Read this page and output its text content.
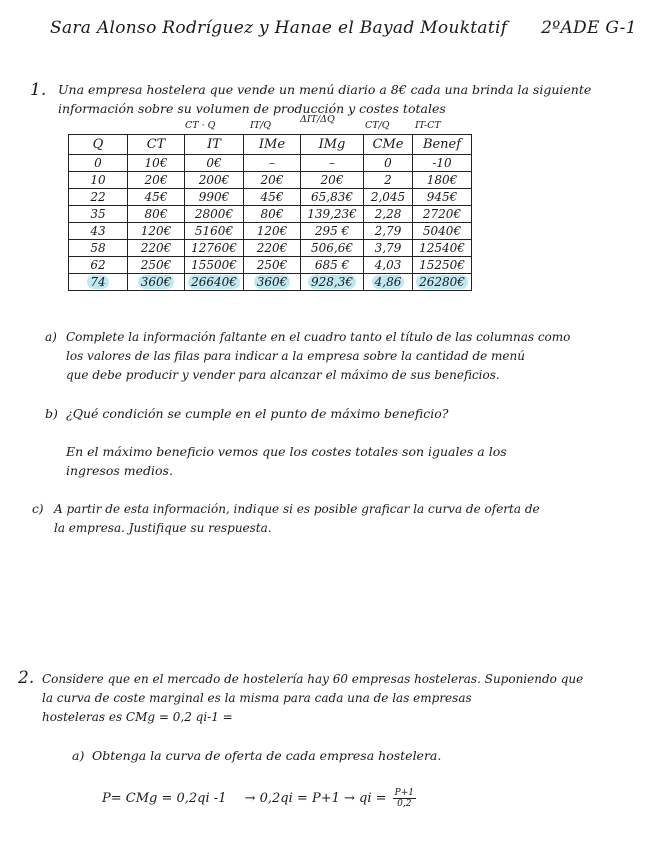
Sara Alonso Rodríguez y Hanae el Bayad Mouktatif 2ºADE G-1
1. Una empresa hostelera que vende un menú diario a 8€ cada una brinda la siguiente
información sobre su volumen de producción y costes totales
CT · Q	IT/Q
ΔIT/ΔQ
CT/Q	IT-CT
Q	CT	IT	IMe	IMg	CMe	Benef
0	10€	0€	–	–	0	-10
10	20€	200€	20€	20€	2	180€
22	45€	990€	45€	65,83€	2,045	945€
35	80€	2800€	80€	139,23€	2,28	2720€
43	120€	5160€	120€	295 €	2,79	5040€
58	220€	12760€	220€	506,6€	3,79	12540€
62	250€	15500€	250€	685 €	4,03	15250€
74	360€	26640€	360€	928,3€	4,86	26280€
a) Complete la información faltante en el cuadro tanto el título de las columnas como
los valores de las filas para indicar a la empresa sobre la cantidad de menú
que debe producir y vender para alcanzar el máximo de sus beneficios.
b) ¿Qué condición se cumple en el punto de máximo beneficio?
En el máximo beneficio vemos que los costes totales son iguales a los
ingresos medios.
c) A partir de esta información, indique si es posible graficar la curva de oferta de
la empresa. Justifique su respuesta.
2. Considere que en el mercado de hostelería hay 60 empresas hosteleras. Suponiendo que
la curva de coste marginal es la misma para cada una de las empresas
hosteleras es CMg = 0,2 qi-1 =
a) Obtenga la curva de oferta de cada empresa hostelera.
P= CMg = 0,2qi -1 → 0,2qi = P+1 → qi = $\frac{P+1}{0,2}$
